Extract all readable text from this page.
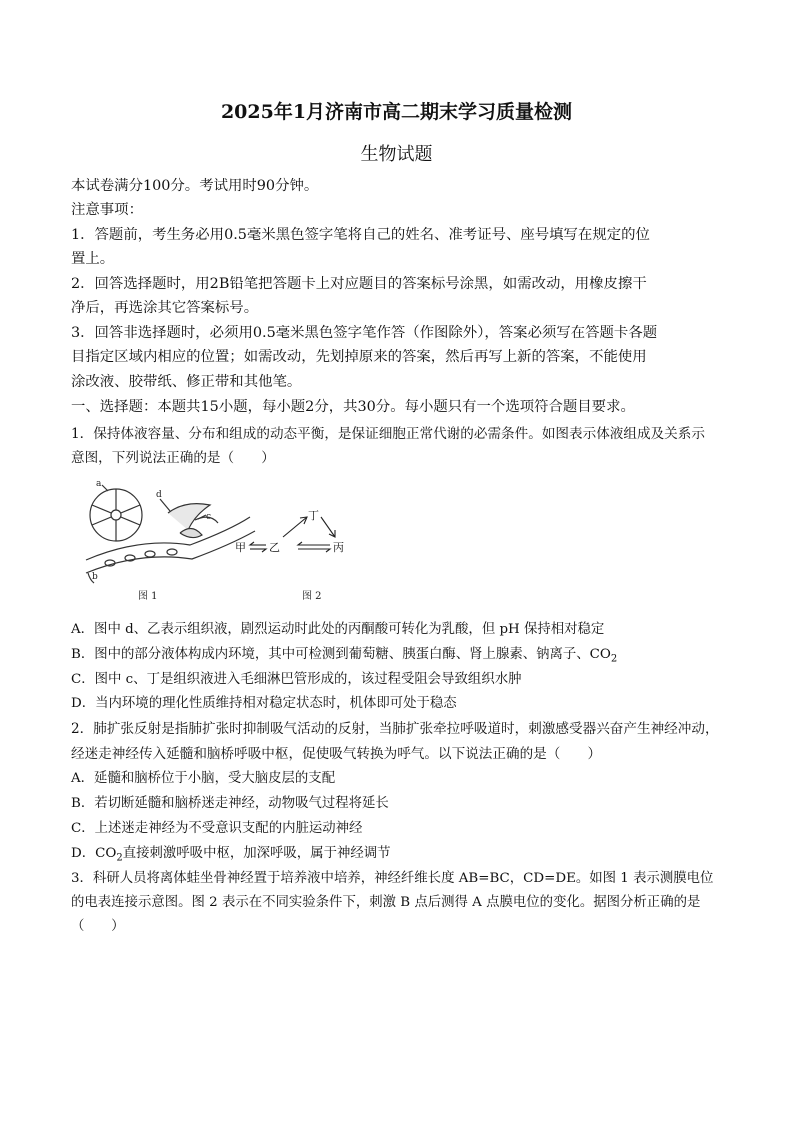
2025年1月济南市高二期末学习质量检测
生物试题
本试卷满分100分。考试用时90分钟。
注意事项：
1．答题前，考生务必用0.5毫米黑色签字笔将自己的姓名、准考证号、座号填写在规定的位
置上。
2．回答选择题时，用2B铅笔把答题卡上对应题目的答案标号涂黑，如需改动，用橡皮擦干
净后，再选涂其它答案标号。
3．回答非选择题时，必须用0.5毫米黑色签字笔作答（作图除外），答案必须写在答题卡各题
目指定区域内相应的位置；如需改动，先划掉原来的答案，然后再写上新的答案，不能使用
涂改液、胶带纸、修正带和其他笔。
一、选择题：本题共15小题，每小题2分，共30分。每小题只有一个选项符合题目要求。
1．保持体液容量、分布和组成的动态平衡，是保证细胞正常代谢的必需条件。如图表示体液组成及关系示
意图，下列说法正确的是（　　）
a
b
c
d
图 1
甲 乙	丙
丁
图 2
A．图中 d、乙表示组织液，剧烈运动时此处的丙酮酸可转化为乳酸，但 pH 保持相对稳定
B．图中的部分液体构成内环境，其中可检测到葡萄糖、胰蛋白酶、肾上腺素、钠离子、$CO_2$
C．图中 c、丁是组织液进入毛细淋巴管形成的，该过程受阻会导致组织水肿
D．当内环境的理化性质维持相对稳定状态时，机体即可处于稳态
2．肺扩张反射是指肺扩张时抑制吸气活动的反射，当肺扩张牵拉呼吸道时，刺激感受器兴奋产生神经冲动，
经迷走神经传入延髓和脑桥呼吸中枢，促使吸气转换为呼气。以下说法正确的是（　　）
A．延髓和脑桥位于小脑，受大脑皮层的支配
B．若切断延髓和脑桥迷走神经，动物吸气过程将延长
C．上述迷走神经为不受意识支配的内脏运动神经
D．$CO_2$直接刺激呼吸中枢，加深呼吸，属于神经调节
3．科研人员将离体蛙坐骨神经置于培养液中培养，神经纤维长度 AB=BC，CD=DE。如图 1 表示测膜电位
的电表连接示意图。图 2 表示在不同实验条件下，刺激 B 点后测得 A 点膜电位的变化。据图分析正确的是
（　　）
